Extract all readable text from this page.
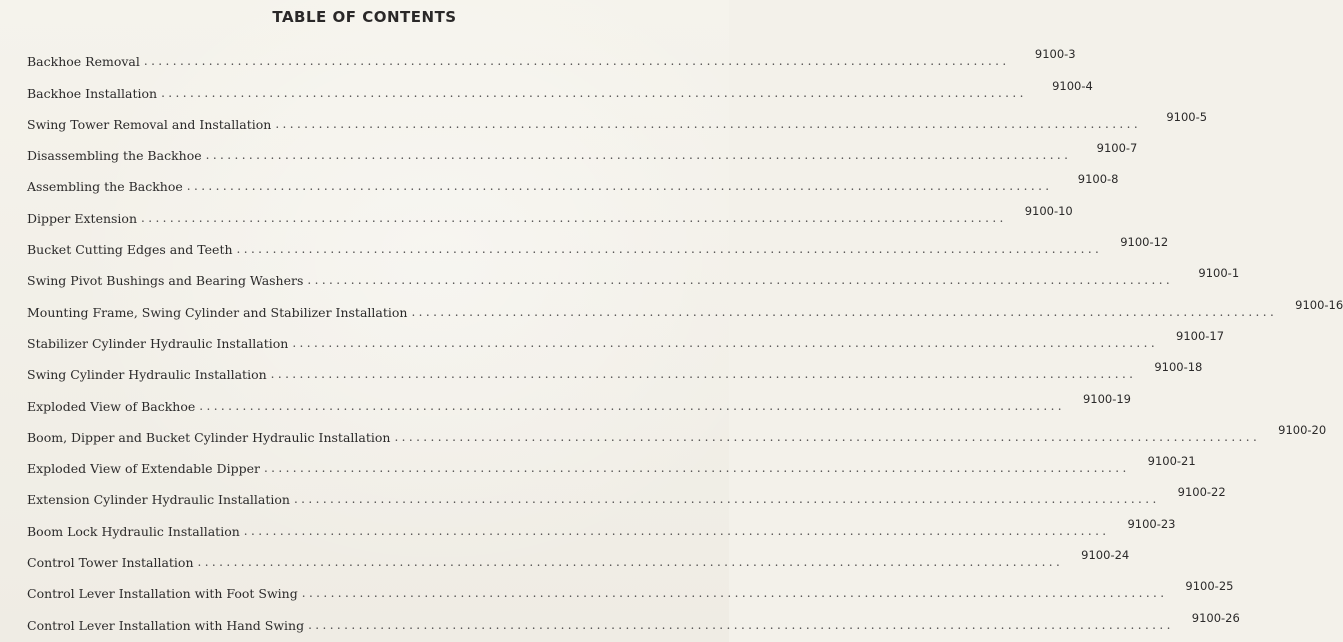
TABLE OF CONTENTS
Backhoe Removal ........................................................................................................................	9100-3
Backhoe Installation ........................................................................................................................	9100-4
Swing Tower Removal and Installation ........................................................................................................................	9100-5
Disassembling the Backhoe ........................................................................................................................	9100-7
Assembling the Backhoe ........................................................................................................................	9100-8
Dipper Extension ........................................................................................................................	9100-10
Bucket Cutting Edges and Teeth ........................................................................................................................	9100-12
Swing Pivot Bushings and Bearing Washers ........................................................................................................................	9100-1
Mounting Frame, Swing Cylinder and Stabilizer Installation ........................................................................................................................	9100-16
Stabilizer Cylinder Hydraulic Installation ........................................................................................................................	9100-17
Swing Cylinder Hydraulic Installation ........................................................................................................................	9100-18
Exploded View of Backhoe ........................................................................................................................	9100-19
Boom, Dipper and Bucket Cylinder Hydraulic Installation ........................................................................................................................	9100-20
Exploded View of Extendable Dipper ........................................................................................................................	9100-21
Extension Cylinder Hydraulic Installation ........................................................................................................................	9100-22
Boom Lock Hydraulic Installation ........................................................................................................................	9100-23
Control Tower Installation ........................................................................................................................	9100-24
Control Lever Installation with Foot Swing ........................................................................................................................	9100-25
Control Lever Installation with Hand Swing ........................................................................................................................	9100-26
